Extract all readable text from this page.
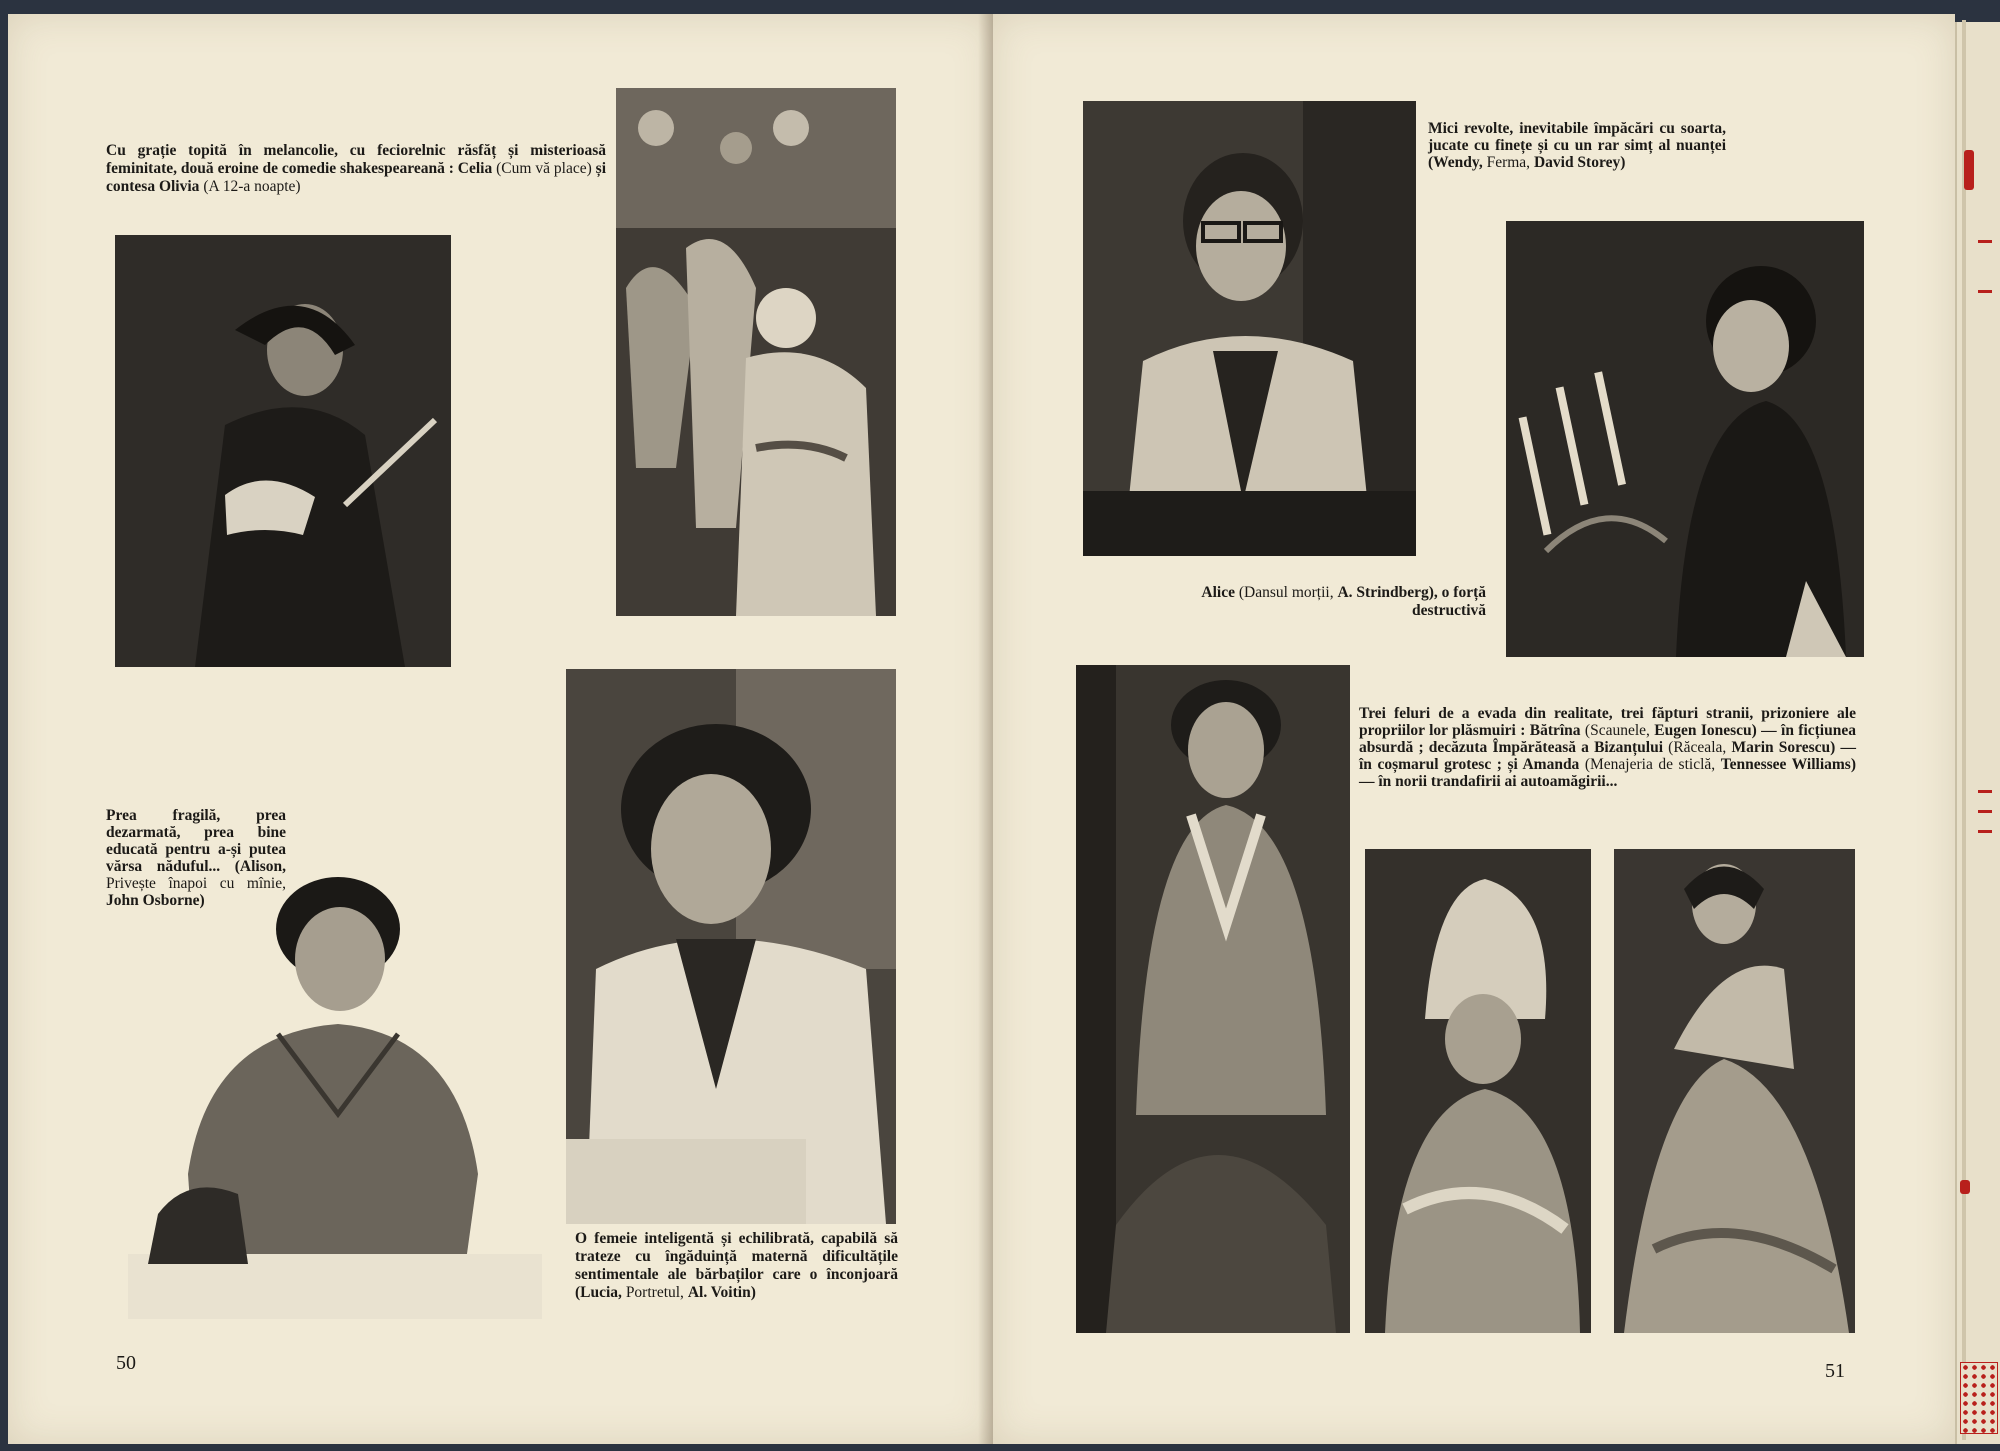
Cu grație topită în melancolie, cu feciorelnic răsfăț și misterioasă feminitate, două eroine de comedie shakespeareană : Celia (Cum vă place) și contesa Olivia (A 12-a noapte)
Prea fragilă, prea dezarmată, prea bine educată pentru a-și putea vărsa năduful... (Alison, Privește înapoi cu mînie, John Osborne)
O femeie inteligentă și echilibrată, capabilă să trateze cu îngăduință maternă dificultățile sentimentale ale bărbaților care o înconjoară (Lucia, Portretul, Al. Voitin)
50
Mici revolte, inevitabile împăcări cu soarta, jucate cu finețe și cu un rar simț al nuanței (Wendy, Ferma, David Storey)
Alice (Dansul morții, A. Strindberg), o forță destructivă
Trei feluri de a evada din realitate, trei făpturi stranii, prizoniere ale propriilor lor plăsmuiri : Bătrîna (Scaunele, Eugen Ionescu) — în ficțiunea absurdă ; decăzuta Împărăteasă a Bizanțului (Răceala, Marin Sorescu) — în coșmarul grotesc ; și Amanda (Menajeria de sticlă, Tennessee Williams) — în norii trandafirii ai autoamăgirii...
51
